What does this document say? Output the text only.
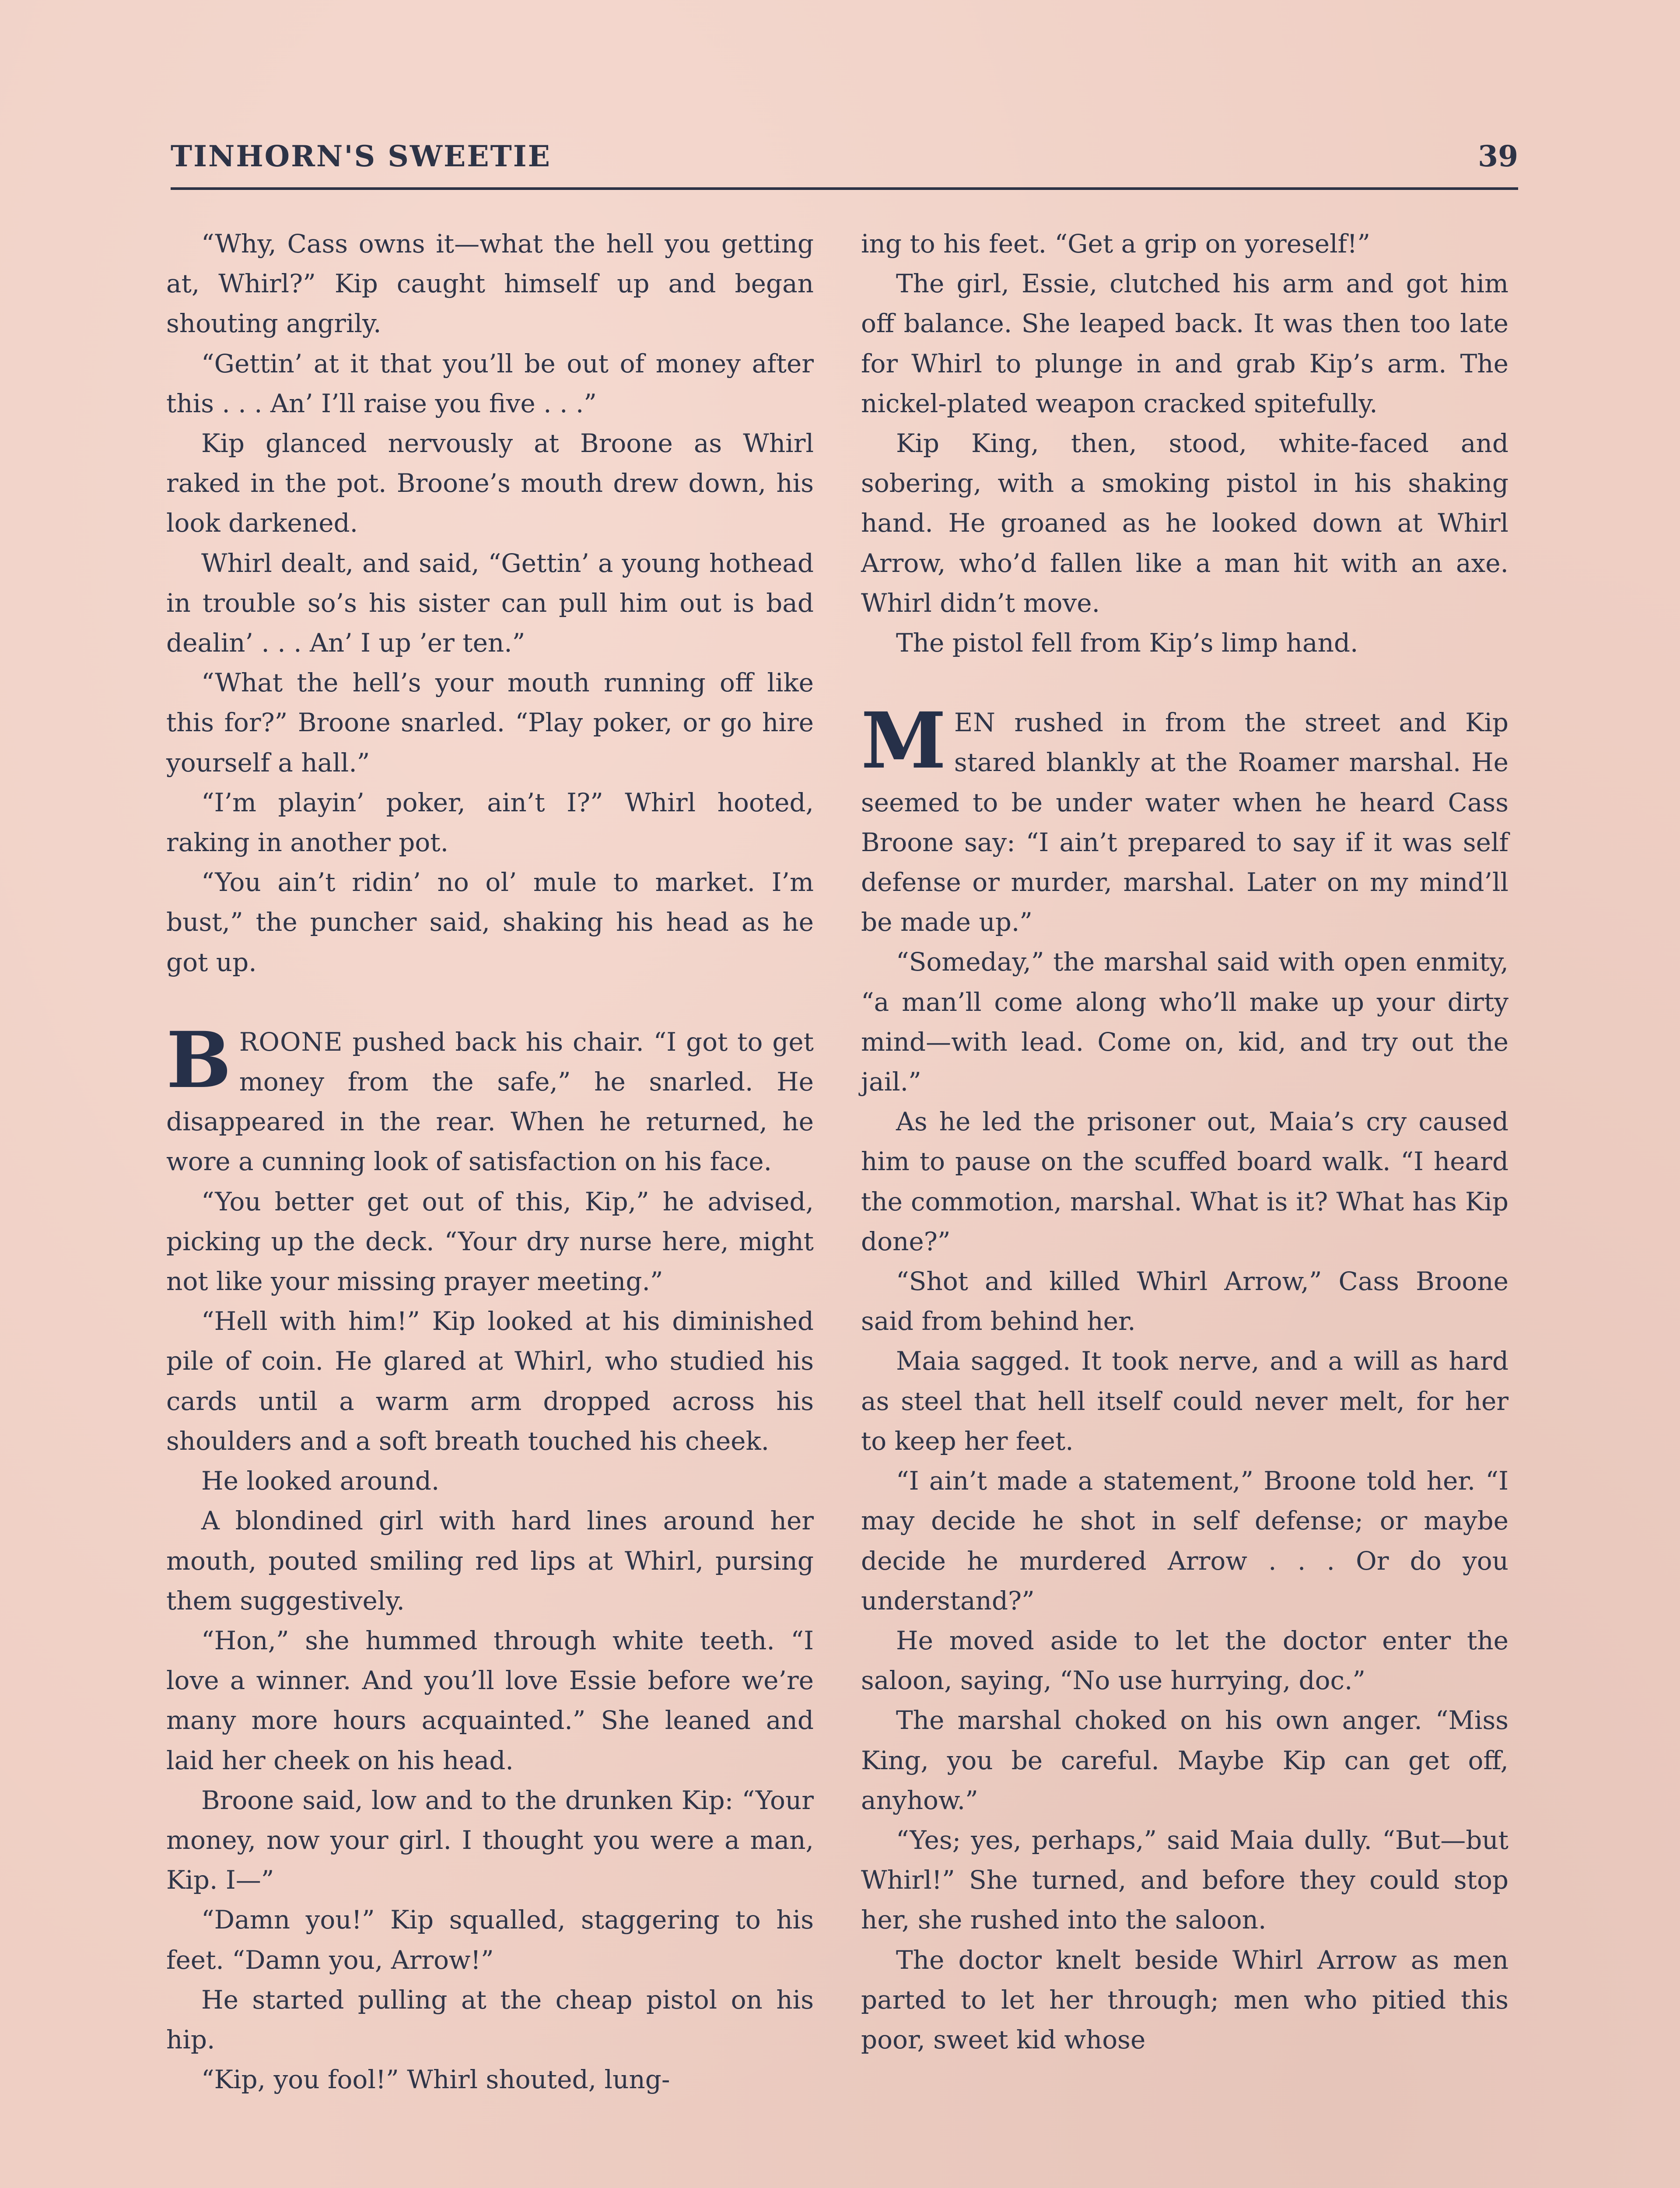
TINHORN'S SWEETIE	39

“Why, Cass owns it—what the hell you getting at, Whirl?” Kip caught himself up and began shouting angrily.

“Gettin’ at it that you’ll be out of money after this . . . An’ I’ll raise you five . . .”

Kip glanced nervously at Broone as Whirl raked in the pot. Broone’s mouth drew down, his look darkened.

Whirl dealt, and said, “Gettin’ a young hothead in trouble so’s his sister can pull him out is bad dealin’ . . . An’ I up ’er ten.”

“What the hell’s your mouth running off like this for?” Broone snarled. “Play poker, or go hire yourself a hall.”

“I’m playin’ poker, ain’t I?” Whirl hooted, raking in another pot.

“You ain’t ridin’ no ol’ mule to market. I’m bust,” the puncher said, shaking his head as he got up.

BROONE pushed back his chair. “I got to get money from the safe,” he snarled. He disappeared in the rear. When he returned, he wore a cunning look of satisfaction on his face.

“You better get out of this, Kip,” he advised, picking up the deck. “Your dry nurse here, might not like your missing prayer meeting.”

“Hell with him!” Kip looked at his diminished pile of coin. He glared at Whirl, who studied his cards until a warm arm dropped across his shoulders and a soft breath touched his cheek.

He looked around.

A blondined girl with hard lines around her mouth, pouted smiling red lips at Whirl, pursing them suggestively.

“Hon,” she hummed through white teeth. “I love a winner. And you’ll love Essie before we’re many more hours acquainted.” She leaned and laid her cheek on his head.

Broone said, low and to the drunken Kip: “Your money, now your girl. I thought you were a man, Kip. I—”

“Damn you!” Kip squalled, staggering to his feet. “Damn you, Arrow!”

He started pulling at the cheap pistol on his hip.

“Kip, you fool!” Whirl shouted, lung-

ing to his feet. “Get a grip on yoreself!”

The girl, Essie, clutched his arm and got him off balance. She leaped back. It was then too late for Whirl to plunge in and grab Kip’s arm. The nickel-plated weapon cracked spitefully.

Kip King, then, stood, white-faced and sobering, with a smoking pistol in his shaking hand. He groaned as he looked down at Whirl Arrow, who’d fallen like a man hit with an axe. Whirl didn’t move.

The pistol fell from Kip’s limp hand.

MEN rushed in from the street and Kip stared blankly at the Roamer marshal. He seemed to be under water when he heard Cass Broone say: “I ain’t prepared to say if it was self defense or murder, marshal. Later on my mind’ll be made up.”

“Someday,” the marshal said with open enmity, “a man’ll come along who’ll make up your dirty mind—with lead. Come on, kid, and try out the jail.”

As he led the prisoner out, Maia’s cry caused him to pause on the scuffed board walk. “I heard the commotion, marshal. What is it? What has Kip done?”

“Shot and killed Whirl Arrow,” Cass Broone said from behind her.

Maia sagged. It took nerve, and a will as hard as steel that hell itself could never melt, for her to keep her feet.

“I ain’t made a statement,” Broone told her. “I may decide he shot in self defense; or maybe decide he murdered Arrow . . . Or do you understand?”

He moved aside to let the doctor enter the saloon, saying, “No use hurrying, doc.”

The marshal choked on his own anger. “Miss King, you be careful. Maybe Kip can get off, anyhow.”

“Yes; yes, perhaps,” said Maia dully. “But—but Whirl!” She turned, and before they could stop her, she rushed into the saloon.

The doctor knelt beside Whirl Arrow as men parted to let her through; men who pitied this poor, sweet kid whose
